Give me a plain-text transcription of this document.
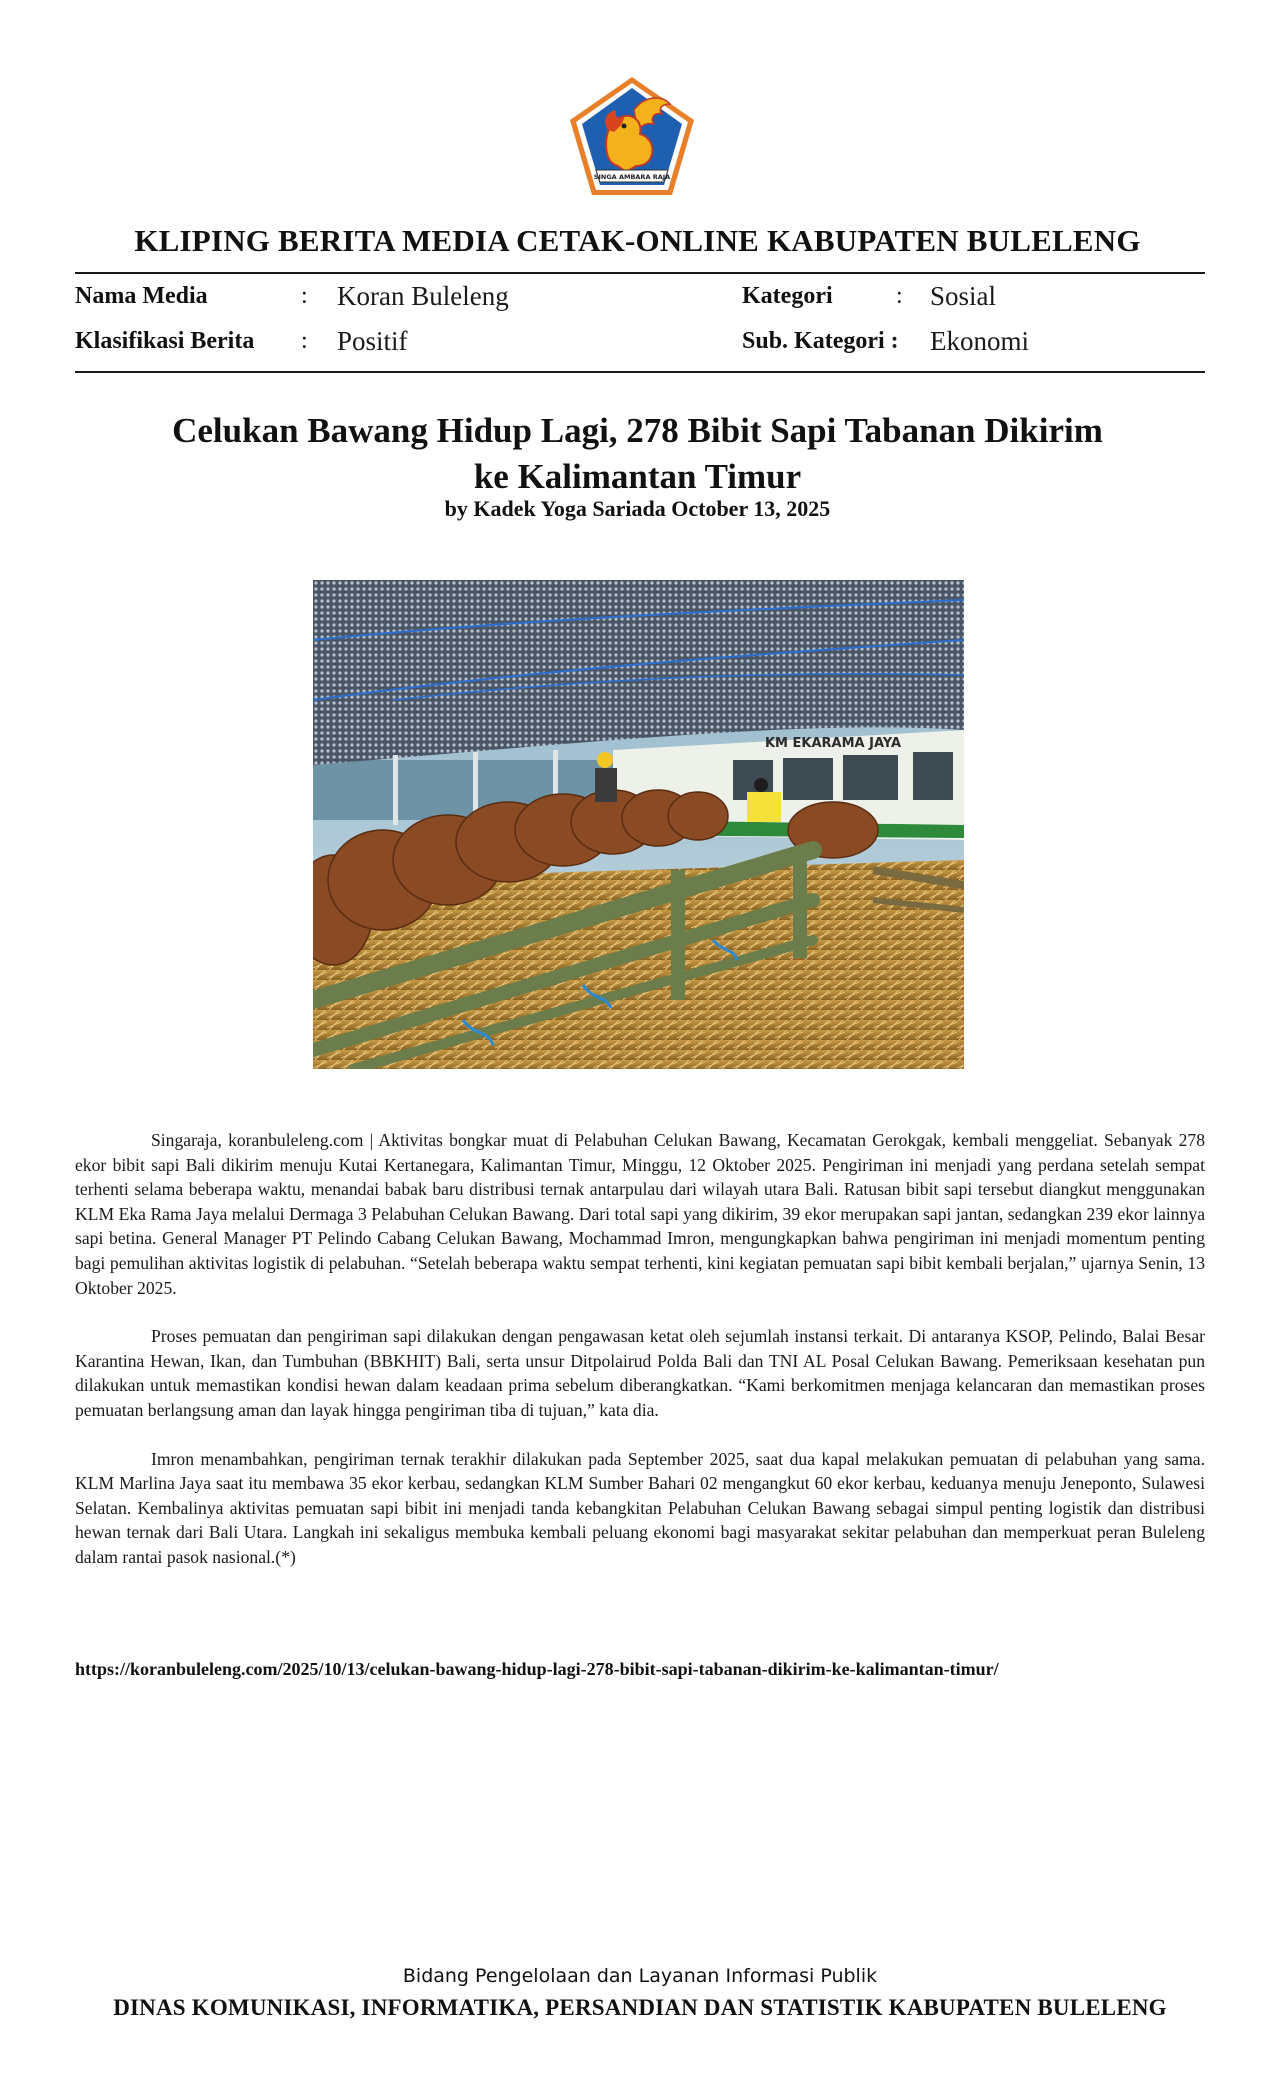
SINGA AMBARA RAJA
KLIPING BERITA MEDIA CETAK-ONLINE KABUPATEN BULELENG
Nama Media	: Koran Buleleng
Klasifikasi Berita : Positif
Kategori	: Sosial
Sub. Kategori : Ekonomi
Celukan Bawang Hidup Lagi, 278 Bibit Sapi Tabanan Dikirim
ke Kalimantan Timur
by Kadek Yoga Sariada October 13, 2025
KM EKARAMA JAYA

Singaraja, koranbuleleng.com | Aktivitas bongkar muat di Pelabuhan Celukan Bawang, Kecamatan Gerokgak, kembali menggeliat. Sebanyak 278 ekor bibit sapi Bali dikirim menuju Kutai Kertanegara, Kalimantan Timur, Minggu, 12 Oktober 2025. Pengiriman ini menjadi yang perdana setelah sempat terhenti selama beberapa waktu, menandai babak baru distribusi ternak antarpulau dari wilayah utara Bali. Ratusan bibit sapi tersebut diangkut menggunakan KLM Eka Rama Jaya melalui Dermaga 3 Pelabuhan Celukan Bawang. Dari total sapi yang dikirim, 39 ekor merupakan sapi jantan, sedangkan 239 ekor lainnya sapi betina. General Manager PT Pelindo Cabang Celukan Bawang, Mochammad Imron, mengungkapkan bahwa pengiriman ini menjadi momentum penting bagi pemulihan aktivitas logistik di pelabuhan. “Setelah beberapa waktu sempat terhenti, kini kegiatan pemuatan sapi bibit kembali berjalan,” ujarnya Senin, 13 Oktober 2025.

Proses pemuatan dan pengiriman sapi dilakukan dengan pengawasan ketat oleh sejumlah instansi terkait. Di antaranya KSOP, Pelindo, Balai Besar Karantina Hewan, Ikan, dan Tumbuhan (BBKHIT) Bali, serta unsur Ditpolairud Polda Bali dan TNI AL Posal Celukan Bawang. Pemeriksaan kesehatan pun dilakukan untuk memastikan kondisi hewan dalam keadaan prima sebelum diberangkatkan. “Kami berkomitmen menjaga kelancaran dan memastikan proses pemuatan berlangsung aman dan layak hingga pengiriman tiba di tujuan,” kata dia.

Imron menambahkan, pengiriman ternak terakhir dilakukan pada September 2025, saat dua kapal melakukan pemuatan di pelabuhan yang sama. KLM Marlina Jaya saat itu membawa 35 ekor kerbau, sedangkan KLM Sumber Bahari 02 mengangkut 60 ekor kerbau, keduanya menuju Jeneponto, Sulawesi Selatan. Kembalinya aktivitas pemuatan sapi bibit ini menjadi tanda kebangkitan Pelabuhan Celukan Bawang sebagai simpul penting logistik dan distribusi hewan ternak dari Bali Utara. Langkah ini sekaligus membuka kembali peluang ekonomi bagi masyarakat sekitar pelabuhan dan memperkuat peran Buleleng dalam rantai pasok nasional.(*)

https://koranbuleleng.com/2025/10/13/celukan-bawang-hidup-lagi-278-bibit-sapi-tabanan-dikirim-ke-kalimantan-timur/
Bidang Pengelolaan dan Layanan Informasi Publik
DINAS KOMUNIKASI, INFORMATIKA, PERSANDIAN DAN STATISTIK KABUPATEN BULELENG
